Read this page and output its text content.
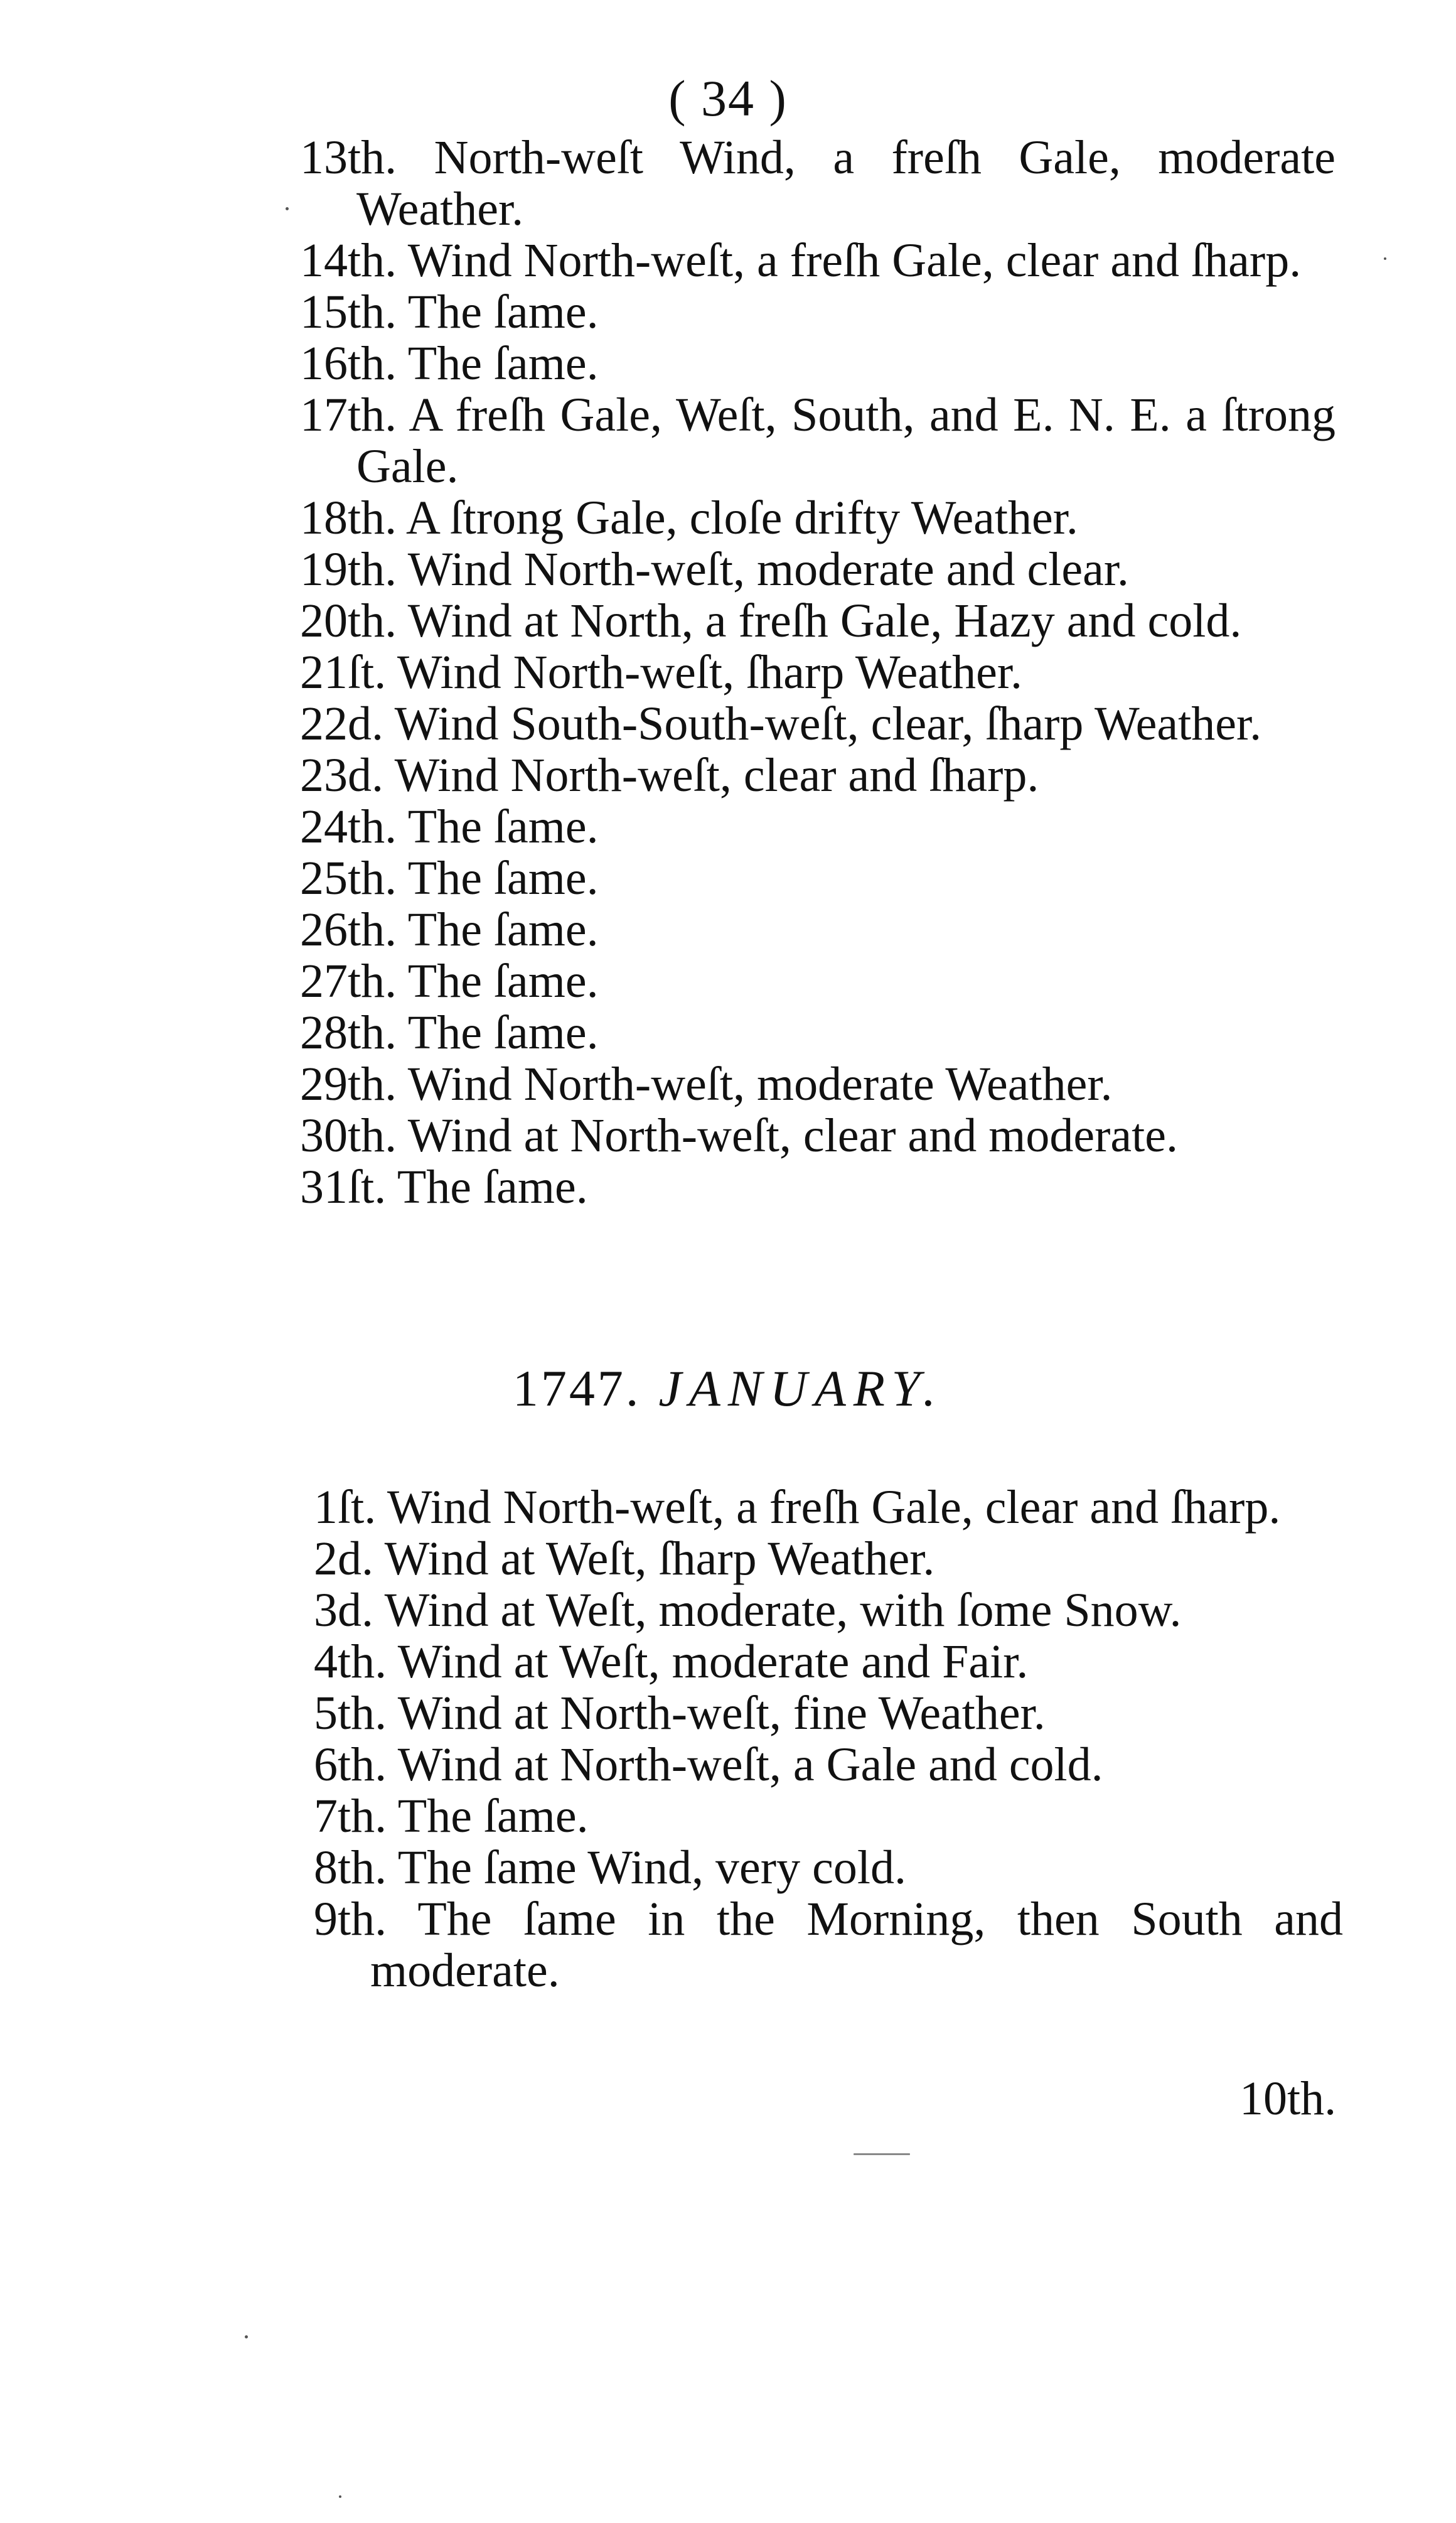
( 34 )

13th. North-weſt Wind, a freſh Gale, moderate Weather.

14th. Wind North-weſt, a freſh Gale, clear and ſharp.

15th. The ſame.

16th. The ſame.

17th. A freſh Gale, Weſt, South, and E. N. E. a ſtrong Gale.

18th. A ſtrong Gale, cloſe drifty Weather.

19th. Wind North-weſt, moderate and clear.

20th. Wind at North, a freſh Gale, Hazy and cold.

21ſt. Wind North-weſt, ſharp Weather.

22d. Wind South-South-weſt, clear, ſharp Weather.

23d. Wind North-weſt, clear and ſharp.

24th. The ſame.

25th. The ſame.

26th. The ſame.

27th. The ſame.

28th. The ſame.

29th. Wind North-weſt, moderate Weather.

30th. Wind at North-weſt, clear and moderate.

31ſt. The ſame.

1747. JANUARY.

1ſt. Wind North-weſt, a freſh Gale, clear and ſharp.

2d. Wind at Weſt, ſharp Weather.

3d. Wind at Weſt, moderate, with ſome Snow.

4th. Wind at Weſt, moderate and Fair.

5th. Wind at North-weſt, fine Weather.

6th. Wind at North-weſt, a Gale and cold.

7th. The ſame.

8th. The ſame Wind, very cold.

9th. The ſame in the Morning, then South and moderate.

10th.
